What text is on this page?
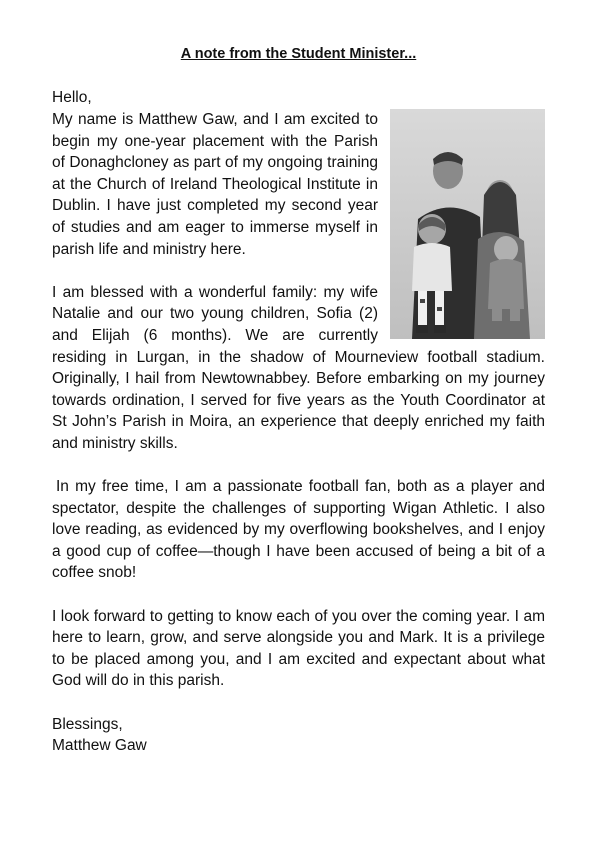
A note from the Student Minister...

Hello,

My name is Matthew Gaw, and I am excited to begin my one-year placement with the Parish of Donaghcloney as part of my ongoing training at the Church of Ireland Theological Institute in Dublin. I have just completed my second year of studies and am eager to immerse myself in parish life and ministry here.

I am blessed with a wonderful family: my wife Natalie and our two young children, Sofia (2) and Elijah (6 months). We are currently residing in Lurgan, in the shadow of Mourneview football stadium. Originally, I hail from Newtownabbey. Before embarking on my journey towards ordination, I served for five years as the Youth Coordinator at St John’s Parish in Moira, an experience that deeply enriched my faith and ministry skills.

In my free time, I am a passionate football fan, both as a player and spectator, despite the challenges of supporting Wigan Athletic. I also love reading, as evidenced by my overflowing bookshelves, and I enjoy a good cup of coffee—though I have been accused of being a bit of a coffee snob!

I look forward to getting to know each of you over the coming year. I am here to learn, grow, and serve alongside you and Mark. It is a privilege to be placed among you, and I am excited and expectant about what God will do in this parish.

Blessings,

Matthew Gaw
